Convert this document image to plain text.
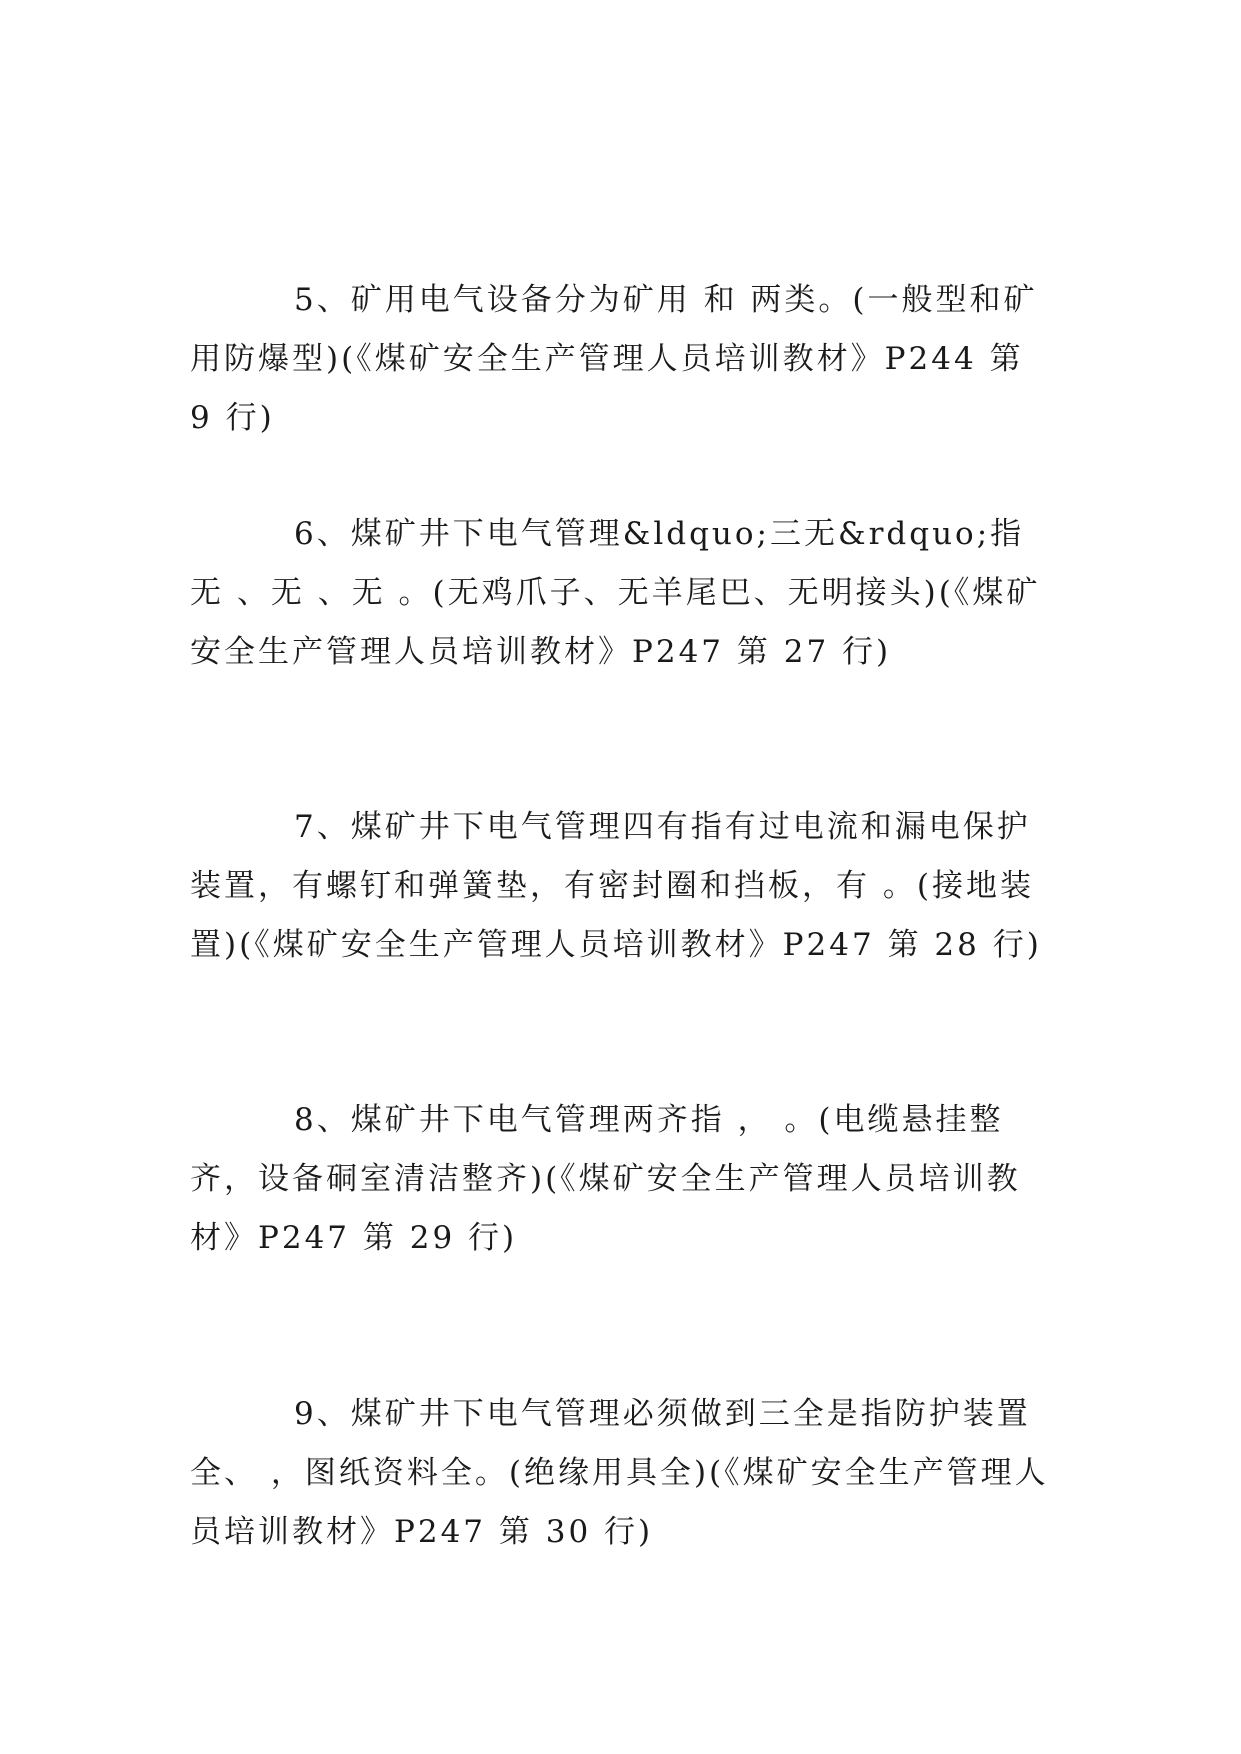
5、矿用电气设备分为矿用 和 两类。(一般型和矿用防爆型)(《煤矿安全生产管理人员培训教材》P244 第 9 行)

6、煤矿井下电气管理&ldquo;三无&rdquo;指无 、无 、无 。(无鸡爪子、无羊尾巴、无明接头)(《煤矿安全生产管理人员培训教材》P247 第 27 行)

7、煤矿井下电气管理四有指有过电流和漏电保护装置，有螺钉和弹簧垫，有密封圈和挡板，有 。(接地装置)(《煤矿安全生产管理人员培训教材》P247 第 28 行)

8、煤矿井下电气管理两齐指 ， 。(电缆悬挂整齐，设备硐室清洁整齐)(《煤矿安全生产管理人员培训教材》P247 第 29 行)

9、煤矿井下电气管理必须做到三全是指防护装置全、 ，图纸资料全。(绝缘用具全)(《煤矿安全生产管理人员培训教材》P247 第 30 行)
